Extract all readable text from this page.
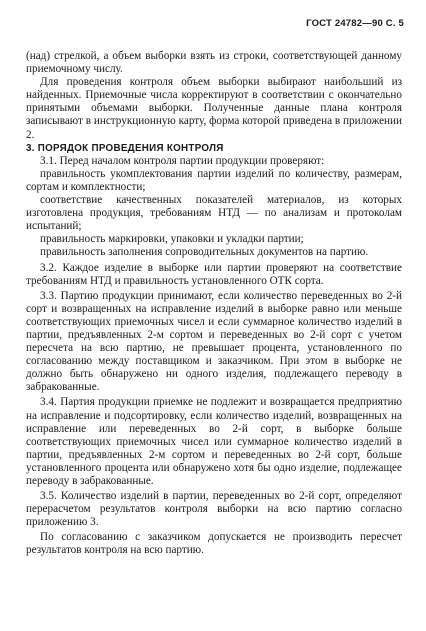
ГОСТ 24782—90 С. 5

(над) стрелкой, а объем выборки взять из строки, соответствующей данному приемочному числу.

Для проведения контроля объем выборки выбирают наибольший из найденных. Приемочные числа корректируют в соответствии с окончательно принятыми объемами выборки. Полученные данные плана контроля записывают в инструкционную карту, форма которой приведена в приложении 2.

3. ПОРЯДОК ПРОВЕДЕНИЯ КОНТРОЛЯ

3.1. Перед началом контроля партии продукции проверяют:

правильность укомплектования партии изделий по количеству, размерам, сортам и комплектности;

соответствие качественных показателей материалов, из которых изготовлена продукция, требованиям НТД — по анализам и протоколам испытаний;

правильность маркировки, упаковки и укладки партии;

правильность заполнения сопроводительных документов на партию.

3.2. Каждое изделие в выборке или партии проверяют на соответствие требованиям НТД и правильность установленного ОТК сорта.

3.3. Партию продукции принимают, если количество переведенных во 2-й сорт и возвращенных на исправление изделий в выборке равно или меньше соответствующих приемочных чисел и если суммарное количество изделий в партии, предъявленных 2-м сортом и переведенных во 2-й сорт с учетом пересчета на всю партию, не превышает процента, установленного по согласованию между поставщиком и заказчиком. При этом в выборке не должно быть обнаружено ни одного изделия, подлежащего переводу в забракованные.

3.4. Партия продукции приемке не подлежит и возвращается предприятию на исправление и подсортировку, если количество изделий, возвращенных на исправление или переведенных во 2-й сорт, в выборке больше соответствующих приемочных чисел или суммарное количество изделий в партии, предъявленных 2-м сортом и переведенных во 2-й сорт, больше установленного процента или обнаружено хотя бы одно изделие, подлежащее переводу в забракованные.

3.5. Количество изделий в партии, переведенных во 2-й сорт, определяют перерасчетом результатов контроля выборки на всю партию согласно приложению 3.

По согласованию с заказчиком допускается не производить пересчет результатов контроля на всю партию.
